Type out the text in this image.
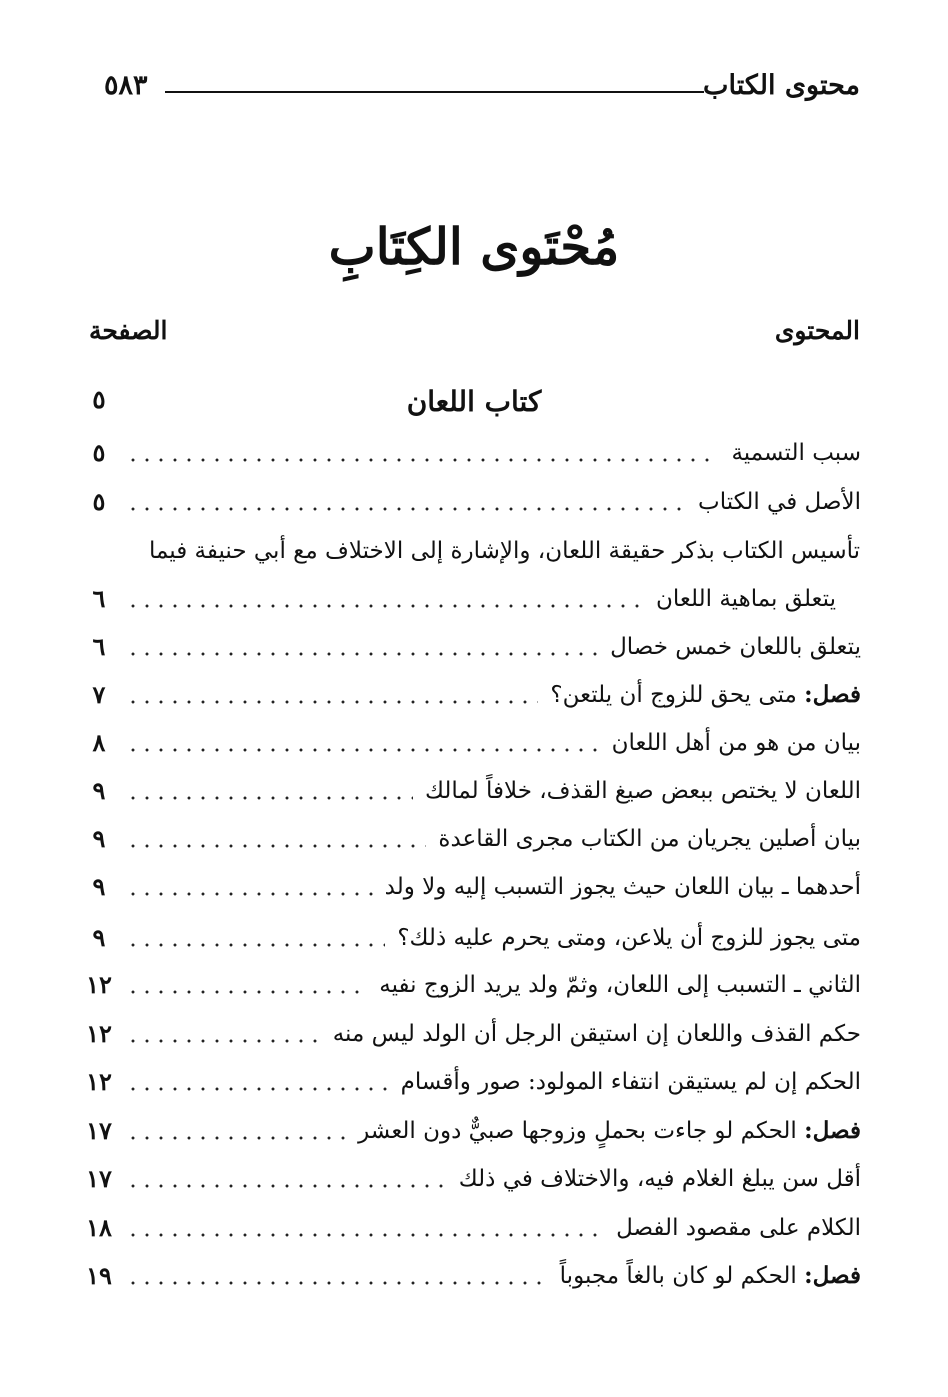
محتوى الكتاب
٥٨٣
مُحْتَوى الكِتَابِ
المحتوى
الصفحة
كتاب اللعان
٥
سبب التسمية
٥
الأصل في الكتاب
٥
تأسيس الكتاب بذكر حقيقة اللعان، والإشارة إلى الاختلاف مع أبي حنيفة فيما
يتعلق بماهية اللعان
٦
يتعلق باللعان خمس خصال
٦
فصل: متى يحق للزوج أن يلتعن؟
٧
بيان من هو من أهل اللعان
٨
اللعان لا يختص ببعض صيغ القذف، خلافاً لمالك
٩
بيان أصلين يجريان من الكتاب مجرى القاعدة
٩
أحدهما ـ بيان اللعان حيث يجوز التسبب إليه ولا ولد
٩
متى يجوز للزوج أن يلاعن، ومتى يحرم عليه ذلك؟
٩
الثاني ـ التسبب إلى اللعان، وثمّ ولد يريد الزوج نفيه
١٢
حكم القذف واللعان إن استيقن الرجل أن الولد ليس منه
١٢
الحكم إن لم يستيقن انتفاء المولود: صور وأقسام
١٢
فصل: الحكم لو جاءت بحملٍ وزوجها صبيٌّ دون العشر
١٧
أقل سن يبلغ الغلام فيه، والاختلاف في ذلك
١٧
الكلام على مقصود الفصل
١٨
فصل: الحكم لو كان بالغاً مجبوباً
١٩
